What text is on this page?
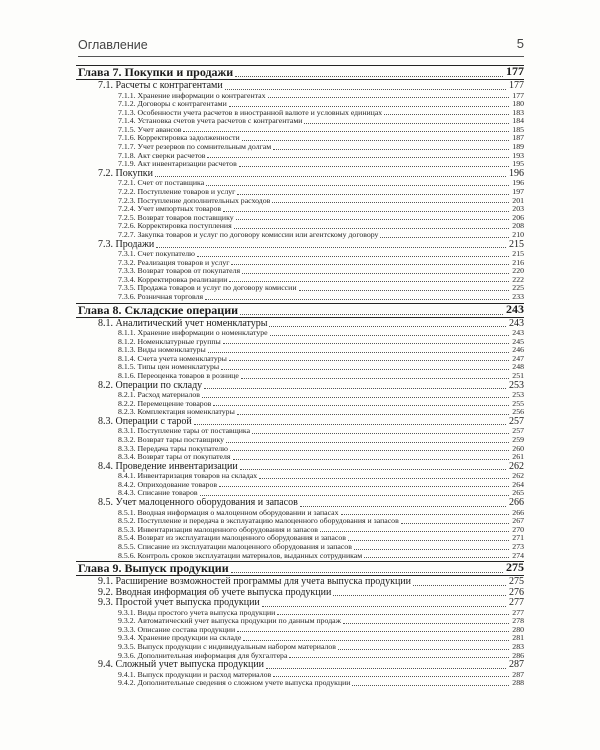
Оглавление	5
Глава 7. Покупки и продажи	177
7.1. Расчеты с контрагентами	177
7.1.1. Хранение информации о контрагентах	177
7.1.2. Договоры с контрагентами	180
7.1.3. Особенности учета расчетов в иностранной валюте и условных единицах	183
7.1.4. Установка счетов учета расчетов с контрагентами	184
7.1.5. Учет авансов	185
7.1.6. Корректировка задолженности	187
7.1.7. Учет резервов по сомнительным долгам	189
7.1.8. Акт сверки расчетов	193
7.1.9. Акт инвентаризации расчетов	195
7.2. Покупки	196
7.2.1. Счет от поставщика	196
7.2.2. Поступление товаров и услуг	197
7.2.3. Поступление дополнительных расходов	201
7.2.4. Учет импортных товаров	203
7.2.5. Возврат товаров поставщику	206
7.2.6. Корректировка поступления	208
7.2.7. Закупка товаров и услуг по договору комиссии или агентскому договору	210
7.3. Продажи	215
7.3.1. Счет покупателю	215
7.3.2. Реализация товаров и услуг	216
7.3.3. Возврат товаров от покупателя	220
7.3.4. Корректировка реализации	222
7.3.5. Продажа товаров и услуг по договору комиссии	225
7.3.6. Розничная торговля	233
Глава 8. Складские операции	243
8.1. Аналитический учет номенклатуры	243
8.1.1. Хранение информации о номенклатуре	243
8.1.2. Номенклатурные группы	245
8.1.3. Виды номенклатуры	246
8.1.4. Счета учета номенклатуры	247
8.1.5. Типы цен номенклатуры	248
8.1.6. Переоценка товаров в рознице	251
8.2. Операции по складу	253
8.2.1. Расход материалов	253
8.2.2. Перемещение товаров	255
8.2.3. Комплектация номенклатуры	256
8.3. Операции с тарой	257
8.3.1. Поступление тары от поставщика	257
8.3.2. Возврат тары поставщику	259
8.3.3. Передача тары покупателю	260
8.3.4. Возврат тары от покупателя	261
8.4. Проведение инвентаризации	262
8.4.1. Инвентаризация товаров на складах	262
8.4.2. Оприходование товаров	264
8.4.3. Списание товаров	265
8.5. Учет малоценного оборудования и запасов	266
8.5.1. Вводная информация о малоценном оборудовании и запасах	266
8.5.2. Поступление и передача в эксплуатацию малоценного оборудования и запасов	267
8.5.3. Инвентаризация малоценного оборудования и запасов	270
8.5.4. Возврат из эксплуатации малоценного оборудования и запасов	271
8.5.5. Списание из эксплуатации малоценного оборудования и запасов	273
8.5.6. Контроль сроков эксплуатации материалов, выданных сотрудникам	274
Глава 9. Выпуск продукции	275
9.1. Расширение возможностей программы для учета выпуска продукции	275
9.2. Вводная информация об учете выпуска продукции	276
9.3. Простой учет выпуска продукции	277
9.3.1. Виды простого учета выпуска продукции	277
9.3.2. Автоматический учет выпуска продукции по данным продаж	278
9.3.3. Описание состава продукции	280
9.3.4. Хранение продукции на складе	281
9.3.5. Выпуск продукции с индивидуальным набором материалов	283
9.3.6. Дополнительная информация для бухгалтера	286
9.4. Сложный учет выпуска продукции	287
9.4.1. Выпуск продукции и расход материалов	287
9.4.2. Дополнительные сведения о сложном учете выпуска продукции	288
